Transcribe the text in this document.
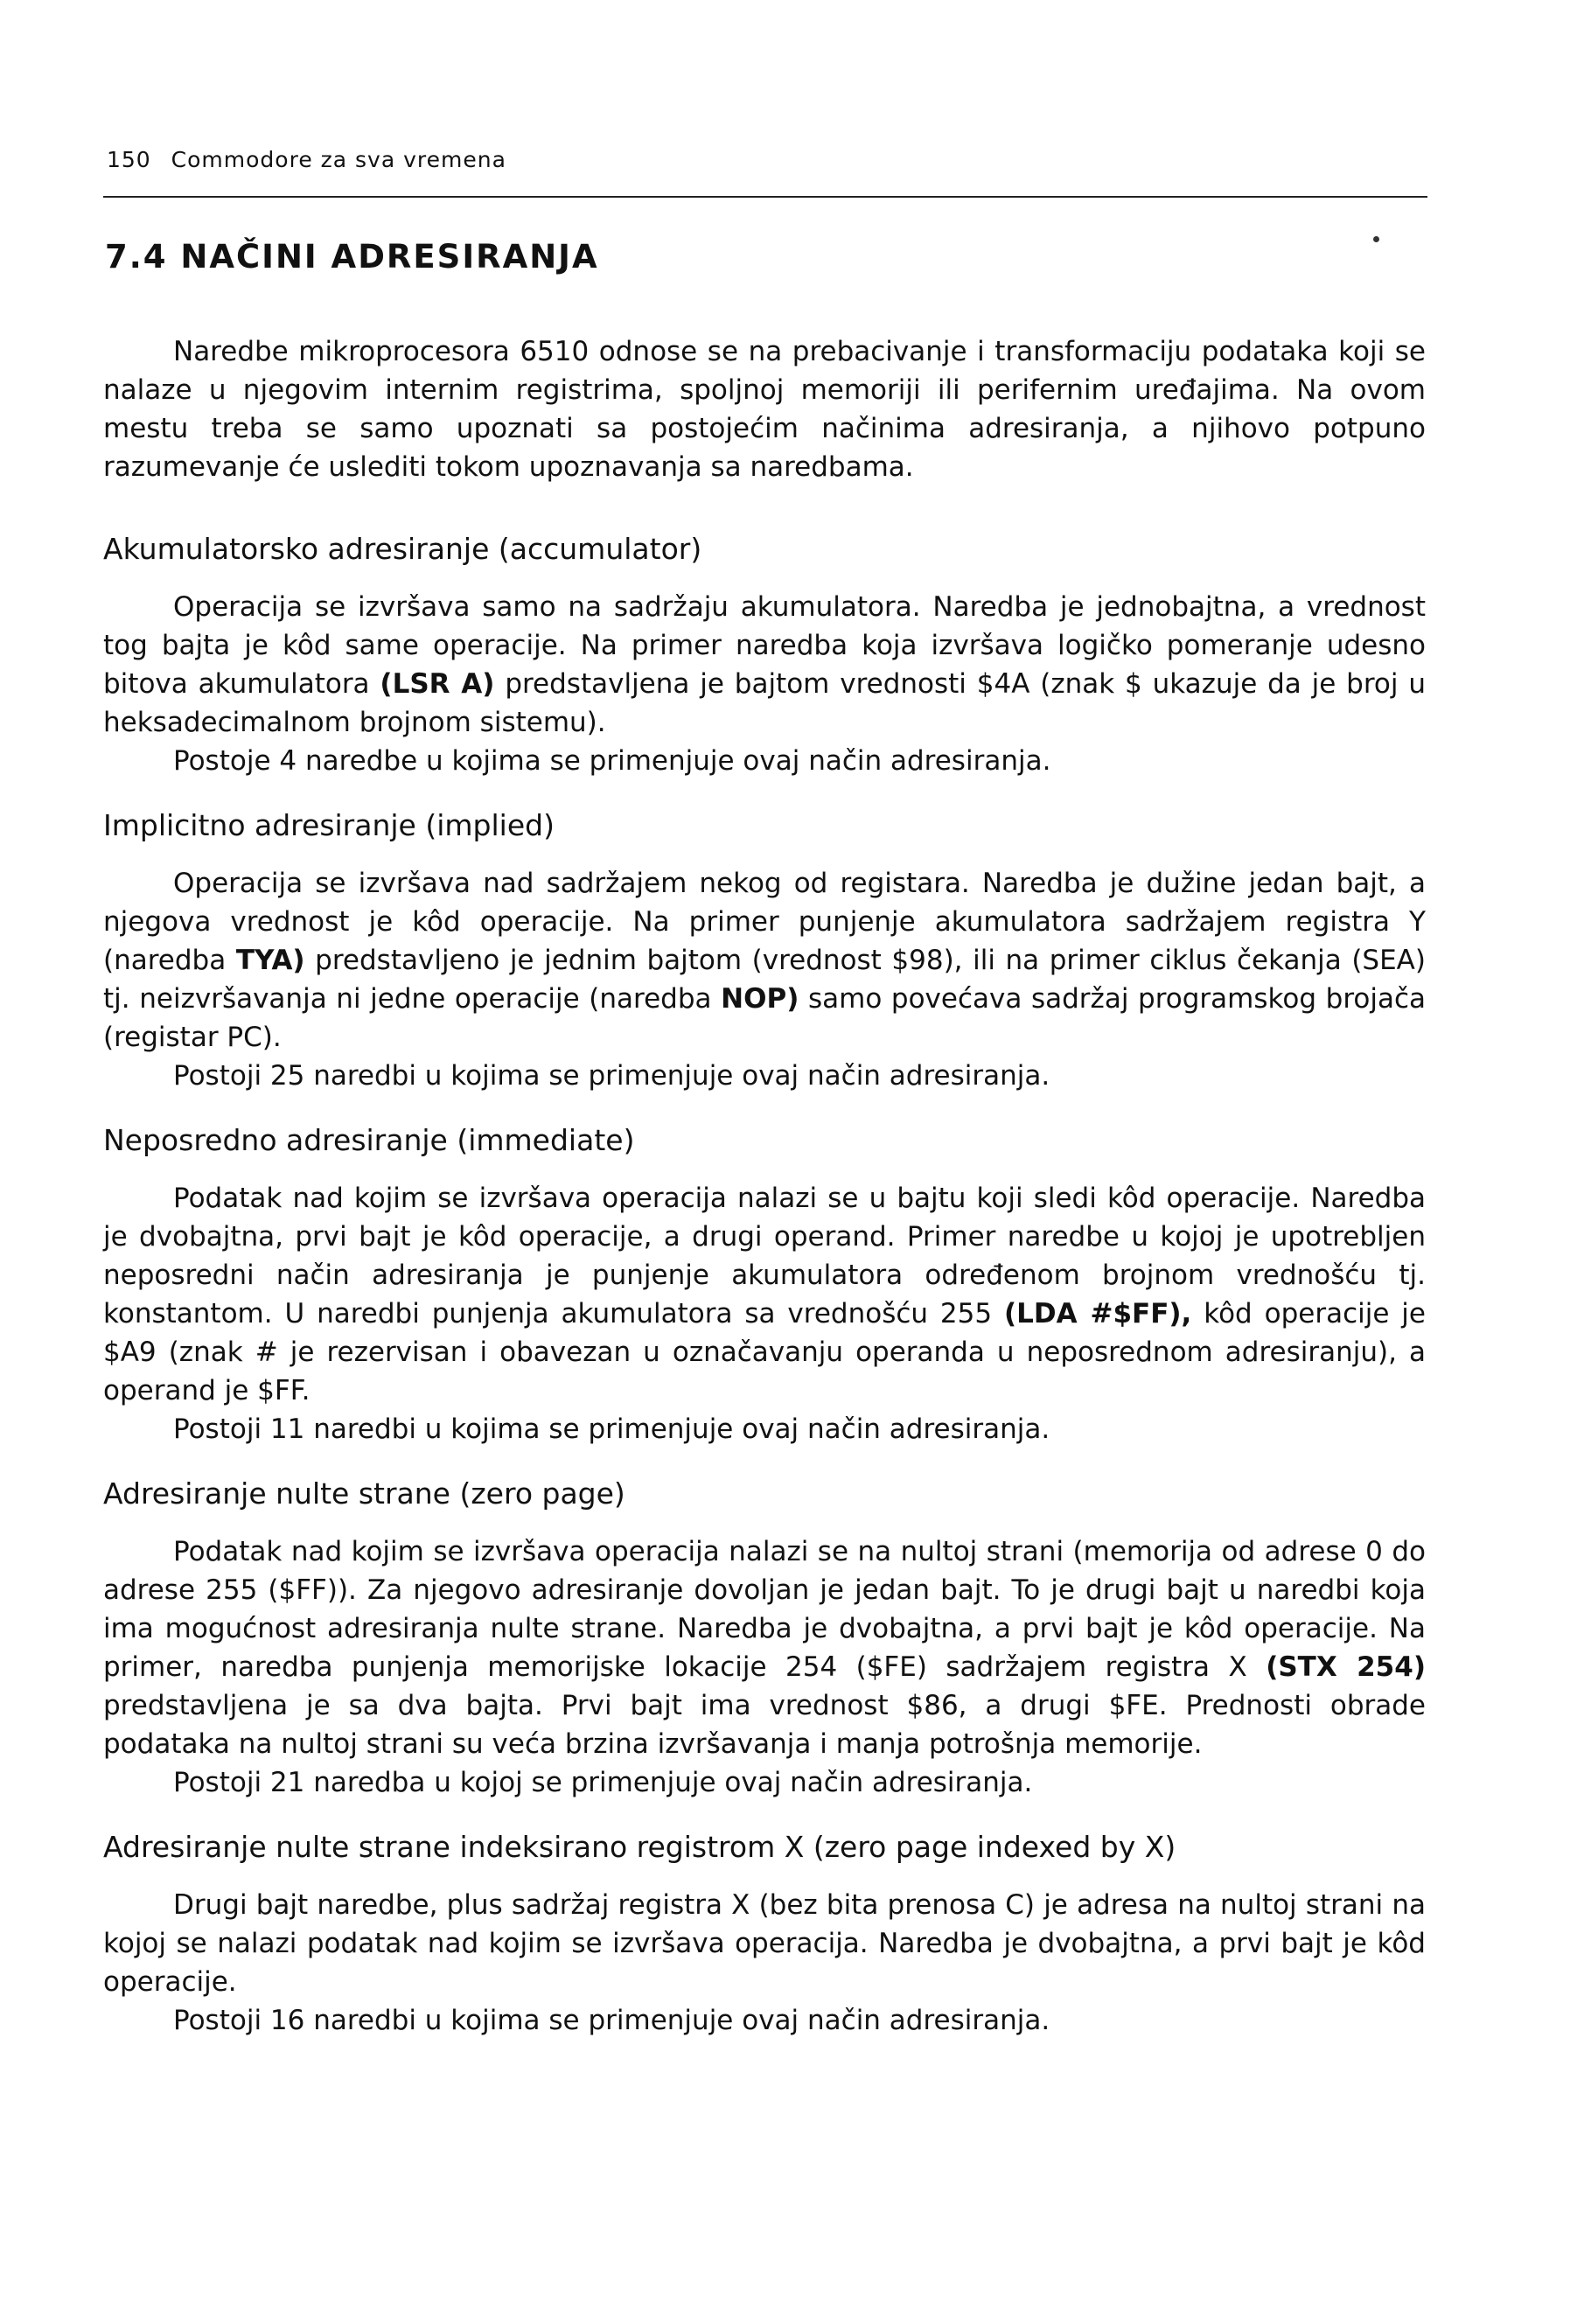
150 Commodore za sva vremena
7.4 NAČINI ADRESIRANJA

Naredbe mikroprocesora 6510 odnose se na prebacivanje i transformaciju podataka koji se nalaze u njegovim internim registrima, spoljnoj memoriji ili perifernim uređajima. Na ovom mestu treba se samo upoznati sa postojećim načinima adresiranja, a njihovo potpuno razumevanje će uslediti tokom upoznavanja sa naredbama.

Akumulatorsko adresiranje (accumulator)

Operacija se izvršava samo na sadržaju akumulatora. Naredba je jednobajtna, a vrednost tog bajta je kôd same operacije. Na primer naredba koja izvršava logičko pomeranje udesno bitova akumulatora (LSR A) predstavljena je bajtom vrednosti $4A (znak $ ukazuje da je broj u heksadecimalnom brojnom sistemu).

Postoje 4 naredbe u kojima se primenjuje ovaj način adresiranja.

Implicitno adresiranje (implied)

Operacija se izvršava nad sadržajem nekog od registara. Naredba je dužine jedan bajt, a njegova vrednost je kôd operacije. Na primer punjenje akumulatora sadržajem registra Y (naredba TYA) predstavljeno je jednim bajtom (vrednost $98), ili na primer ciklus čekanja (SEA) tj. neizvršavanja ni jedne operacije (naredba NOP) samo povećava sadržaj programskog brojača (registar PC).

Postoji 25 naredbi u kojima se primenjuje ovaj način adresiranja.

Neposredno adresiranje (immediate)

Podatak nad kojim se izvršava operacija nalazi se u bajtu koji sledi kôd operacije. Naredba je dvobajtna, prvi bajt je kôd operacije, a drugi operand. Primer naredbe u kojoj je upotrebljen neposredni način adresiranja je punjenje akumulatora određenom brojnom vrednošću tj. konstantom. U naredbi punjenja akumulatora sa vrednošću 255 (LDA #$FF), kôd operacije je $A9 (znak # je rezervisan i obavezan u označavanju operanda u neposrednom adresiranju), a operand je $FF.

Postoji 11 naredbi u kojima se primenjuje ovaj način adresiranja.

Adresiranje nulte strane (zero page)

Podatak nad kojim se izvršava operacija nalazi se na nultoj strani (memorija od adrese 0 do adrese 255 ($FF)). Za njegovo adresiranje dovoljan je jedan bajt. To je drugi bajt u naredbi koja ima mogućnost adresiranja nulte strane. Naredba je dvobajtna, a prvi bajt je kôd operacije. Na primer, naredba punjenja memorijske lokacije 254 ($FE) sadržajem registra X (STX 254) predstavljena je sa dva bajta. Prvi bajt ima vrednost $86, a drugi $FE. Prednosti obrade podataka na nultoj strani su veća brzina izvršavanja i manja potrošnja memorije.

Postoji 21 naredba u kojoj se primenjuje ovaj način adresiranja.

Adresiranje nulte strane indeksirano registrom X (zero page indexed by X)

Drugi bajt naredbe, plus sadržaj registra X (bez bita prenosa C) je adresa na nultoj strani na kojoj se nalazi podatak nad kojim se izvršava operacija. Naredba je dvobajtna, a prvi bajt je kôd operacije.

Postoji 16 naredbi u kojima se primenjuje ovaj način adresiranja.
